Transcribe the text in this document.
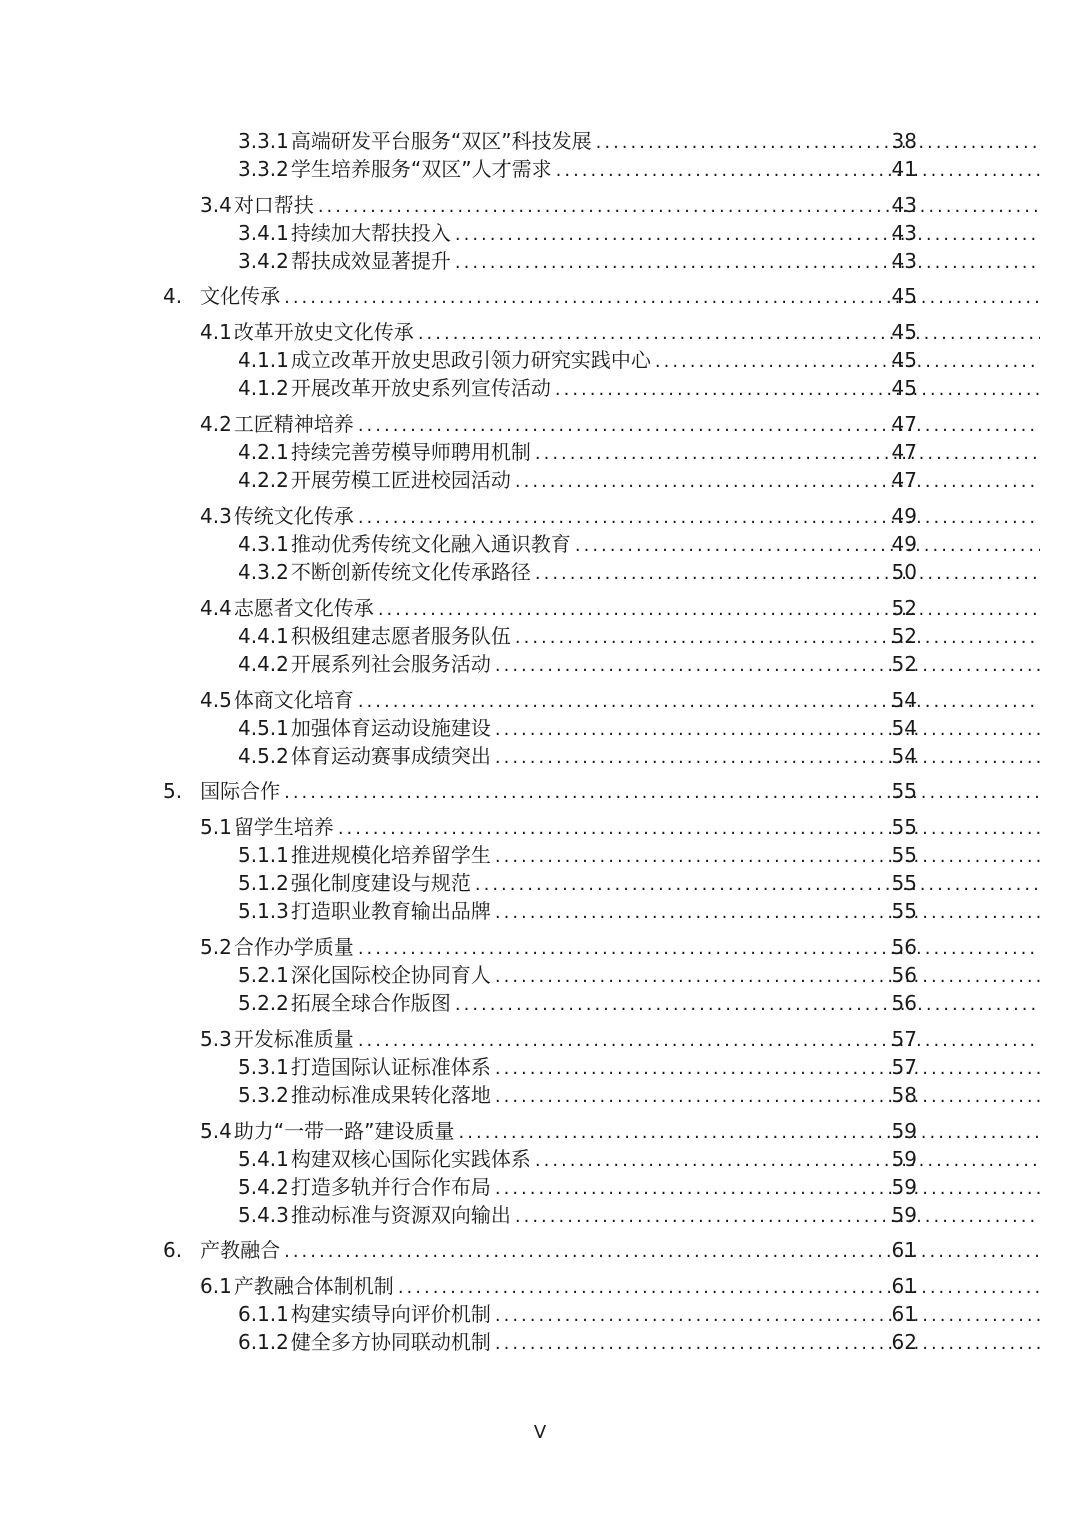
3.3.1 高端研发平台服务“双区”科技发展 .....	38
3.3.2 学生培养服务“双区”人才需求 .....	41
3.4 对口帮扶 .....	43
3.4.1 持续加大帮扶投入 .....	43
3.4.2 帮扶成效显著提升 .....	43
4. 文化传承 .....	45
4.1 改革开放史文化传承 .....	45
4.1.1 成立改革开放史思政引领力研究实践中心 .....	45
4.1.2 开展改革开放史系列宣传活动 .....	45
4.2 工匠精神培养 .....	47
4.2.1 持续完善劳模导师聘用机制 .....	47
4.2.2 开展劳模工匠进校园活动 .....	47
4.3 传统文化传承 .....	49
4.3.1 推动优秀传统文化融入通识教育 .....	49
4.3.2 不断创新传统文化传承路径 .....	50
4.4 志愿者文化传承 .....	52
4.4.1 积极组建志愿者服务队伍 .....	52
4.4.2 开展系列社会服务活动 .....	52
4.5 体商文化培育 .....	54
4.5.1 加强体育运动设施建设 .....	54
4.5.2 体育运动赛事成绩突出 .....	54
5. 国际合作 .....	55
5.1 留学生培养 .....	55
5.1.1 推进规模化培养留学生 .....	55
5.1.2 强化制度建设与规范 .....	55
5.1.3 打造职业教育输出品牌 .....	55
5.2 合作办学质量 .....	56
5.2.1 深化国际校企协同育人 .....	56
5.2.2 拓展全球合作版图 .....	56
5.3 开发标准质量 .....	57
5.3.1 打造国际认证标准体系 .....	57
5.3.2 推动标准成果转化落地 .....	58
5.4 助力“一带一路”建设质量 .....	59
5.4.1 构建双核心国际化实践体系 .....	59
5.4.2 打造多轨并行合作布局 .....	59
5.4.3 推动标准与资源双向输出 .....	59
6. 产教融合 .....	61
6.1 产教融合体制机制 .....	61
6.1.1 构建实绩导向评价机制 .....	61
6.1.2 健全多方协同联动机制 .....	62
V
